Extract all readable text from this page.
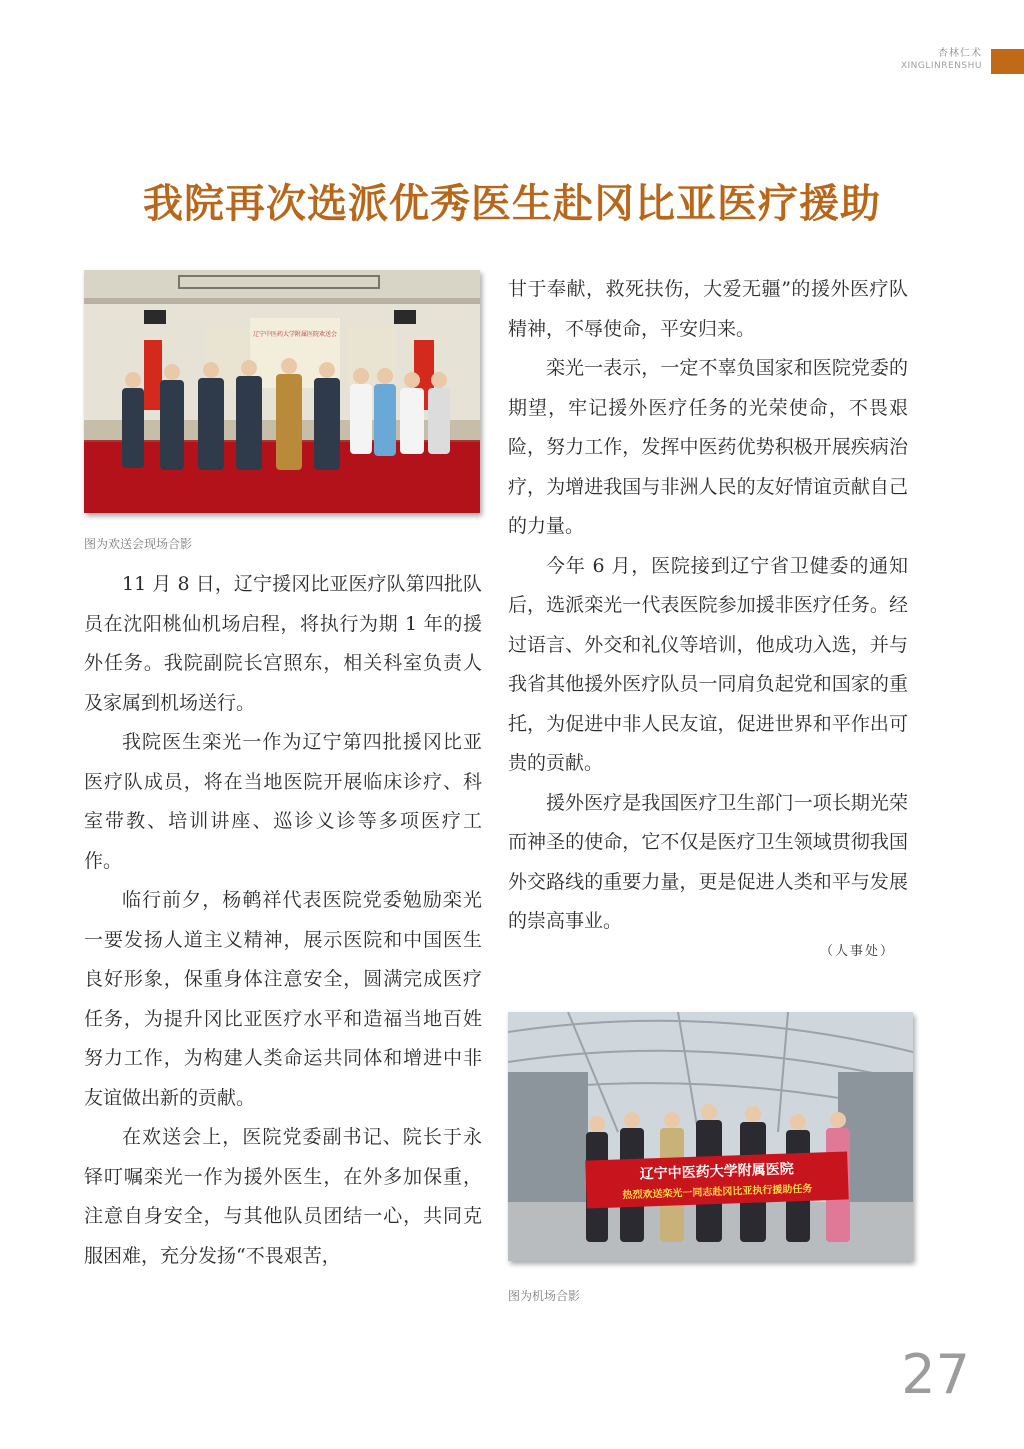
杏林仁术
XINGLINRENSHU
我院再次选派优秀医生赴冈比亚医疗援助
辽宁中医药大学附属医院欢送会
图为欢送会现场合影

11 月 8 日，辽宁援冈比亚医疗队第四批队员在沈阳桃仙机场启程，将执行为期 1 年的援外任务。我院副院长宫照东，相关科室负责人及家属到机场送行。

我院医生栾光一作为辽宁第四批援冈比亚医疗队成员，将在当地医院开展临床诊疗、科室带教、培训讲座、巡诊义诊等多项医疗工作。

临行前夕，杨鹌祥代表医院党委勉励栾光一要发扬人道主义精神，展示医院和中国医生良好形象，保重身体注意安全，圆满完成医疗任务，为提升冈比亚医疗水平和造福当地百姓努力工作，为构建人类命运共同体和增进中非友谊做出新的贡献。

在欢送会上，医院党委副书记、院长于永铎叮嘱栾光一作为援外医生，在外多加保重，注意自身安全，与其他队员团结一心，共同克服困难，充分发扬“不畏艰苦，

甘于奉献，救死扶伤，大爱无疆”的援外医疗队精神，不辱使命，平安归来。

栾光一表示，一定不辜负国家和医院党委的期望，牢记援外医疗任务的光荣使命，不畏艰险，努力工作，发挥中医药优势积极开展疾病治疗，为增进我国与非洲人民的友好情谊贡献自己的力量。

今年 6 月，医院接到辽宁省卫健委的通知后，选派栾光一代表医院参加援非医疗任务。经过语言、外交和礼仪等培训，他成功入选，并与我省其他援外医疗队员一同肩负起党和国家的重托，为促进中非人民友谊，促进世界和平作出可贵的贡献。

援外医疗是我国医疗卫生部门一项长期光荣而神圣的使命，它不仅是医疗卫生领域贯彻我国外交路线的重要力量，更是促进人类和平与发展的崇高事业。

（人事处）
辽宁中医药大学附属医院
热烈欢送栾光一同志赴冈比亚执行援助任务
图为机场合影
27
